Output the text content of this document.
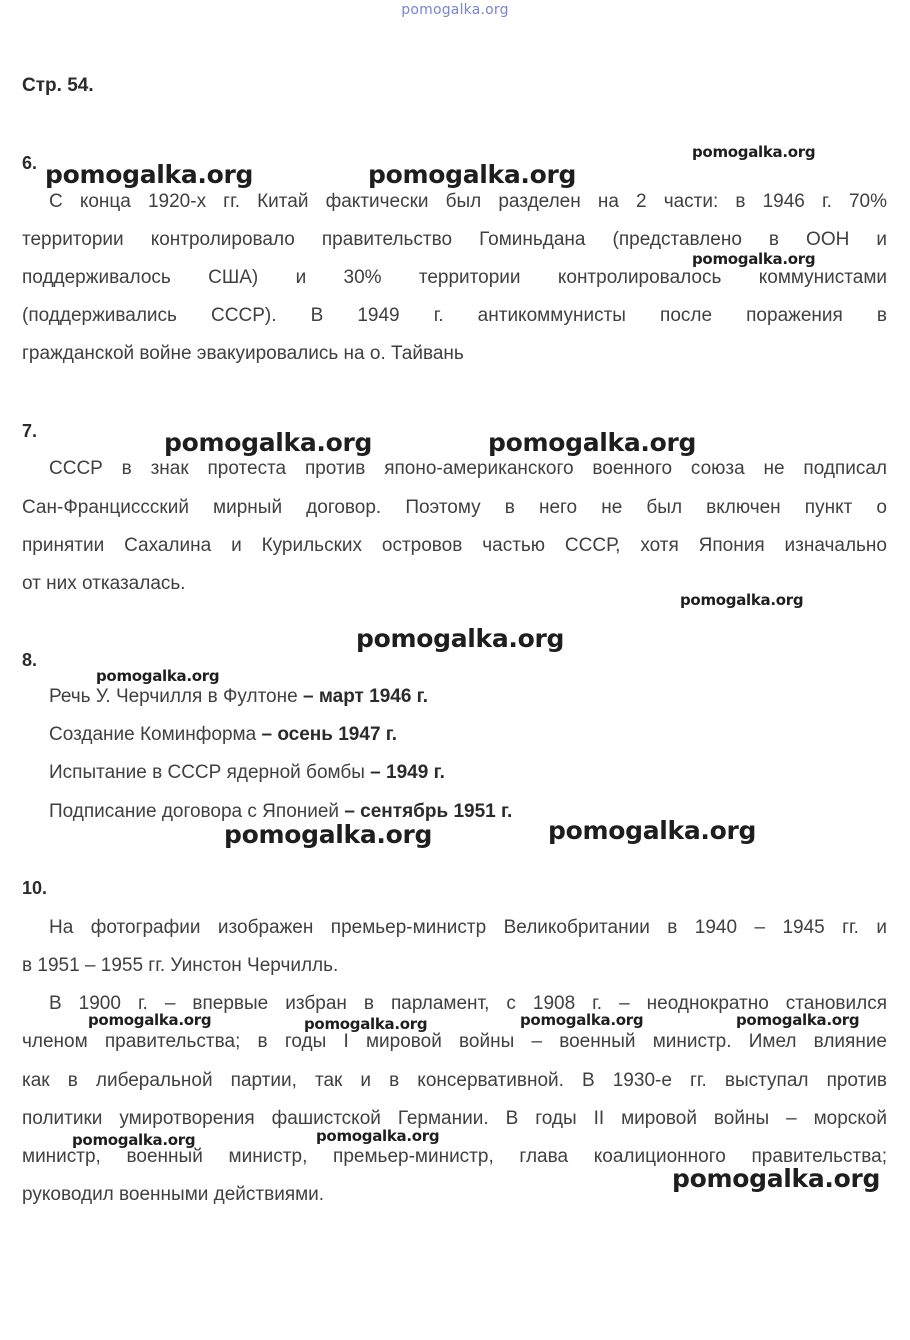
pomogalka.org
Стр. 54.
6.
С конца 1920-х гг. Китай фактически был разделен на 2 части: в 1946 г. 70%
территории контролировало правительство Гоминьдана (представлено в ООН и
поддерживалось США) и 30% территории контролировалось коммунистами
(поддерживались СССР). В 1949 г. антикоммунисты после поражения в
гражданской войне эвакуировались на о. Тайвань
7.
СССР в знак протеста против японо-американского военного союза не подписал
Сан-Франциcсский мирный договор. Поэтому в него не был включен пункт о
принятии Сахалина и Курильских островов частью СССР, хотя Япония изначально
от них отказалась.
8.
Речь У. Черчилля в Фултоне – март 1946 г.
Создание Коминформа – осень 1947 г.
Испытание в СССР ядерной бомбы – 1949 г.
Подписание договора с Японией – сентябрь 1951 г.
10.
На фотографии изображен премьер-министр Великобритании в 1940 – 1945 гг. и
в 1951 – 1955 гг. Уинстон Черчилль.
В 1900 г. – впервые избран в парламент, с 1908 г. – неоднократно становился
членом правительства; в годы I мировой войны – военный министр. Имел влияние
как в либеральной партии, так и в консервативной. В 1930-е гг. выступал против
политики умиротворения фашистской Германии. В годы II мировой войны – морской
министр, военный министр, премьер-министр, глава коалиционного правительства;
руководил военными действиями.
pomogalka.org	pomogalka.org
pomogalka.org
pomogalka.org
pomogalka.org	pomogalka.org
pomogalka.org
pomogalka.org
pomogalka.org
pomogalka.org	pomogalka.org
pomogalka.org	pomogalka.org	pomogalka.org	pomogalka.org
pomogalka.org	pomogalka.org
pomogalka.org
